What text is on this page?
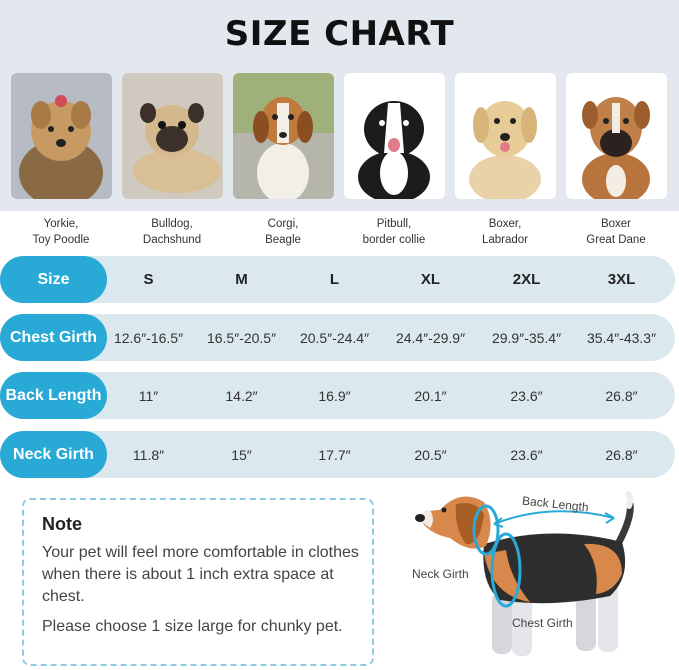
SIZE CHART
Yorkie,
Toy Poodle
Bulldog,
Dachshund
Corgi,
Beagle
Pitbull,
border collie
Boxer,
Labrador
Boxer
Great Dane
Size	S	M	L	XL	2XL	3XL
Chest Girth	12.6″-16.5″	16.5″-20.5″	20.5″-24.4″	24.4″-29.9″	29.9″-35.4″	35.4″-43.3″
Back Length	11″	14.2″	16.9″	20.1″	23.6″	26.8″
Neck Girth	11.8″	15″	17.7″	20.5″	23.6″	26.8″
Note
Your pet will feel more comfortable in clothes when there is about 1 inch extra space at chest.
Please choose 1 size large for chunky pet.
Back Length
Neck Girth
Chest Girth
